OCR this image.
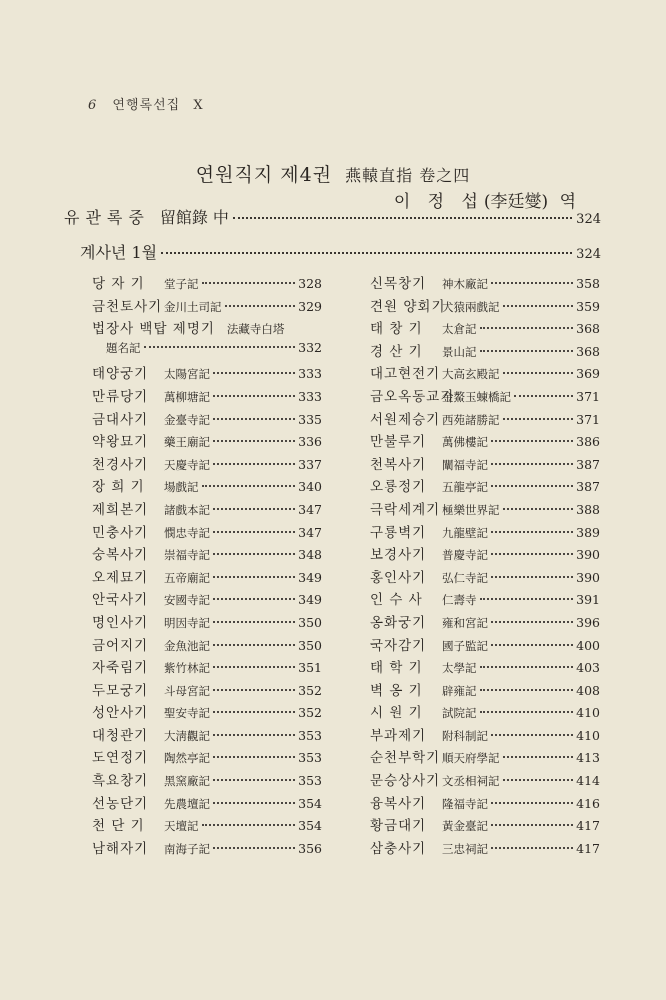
6 연행록선집 X
연원직지 제4권 燕轅直指 卷之四
이 정 섭(李廷燮) 역
유관록중 留館錄 中	324
계사년 1월	324
당 자 기	堂子記	328
금천토사기 金川土司記	329
법장사 백탑 제명기 法藏寺白塔
題名記	332
태양궁기	太陽宮記	333
만류당기	萬柳塘記	333
금대사기	金臺寺記	335
약왕묘기	藥王廟記	336
천경사기	天慶寺記	337
장 희 기	場戲記	340
제희본기	諸戲本記	347
민충사기	憫忠寺記	347
숭복사기	崇福寺記	348
오제묘기	五帝廟記	349
안국사기	安國寺記	349
명인사기	明因寺記	350
금어지기	金魚池記	350
자죽림기	紫竹林記	351
두모궁기	斗母宮記	352
성안사기	聖安寺記	352
대청관기	大淸觀記	353
도연정기	陶然亭記	353
흑요창기	黑窯廠記	353
선농단기	先農壇記	354
천 단 기	天壇記	354
남해자기	南海子記	356
신목창기	神木廠記	358
견원 양회기
犬猿兩戲記	359
태 창 기	太倉記	368
경 산 기	景山記	368
대고현전기 大高玄殿記	369
금오옥동교기
金鰲玉蝀橋記	371
서원제승기 西苑諸勝記	371
만불루기	萬佛樓記	386
천복사기	闡福寺記	387
오룡정기	五龍亭記	387
극락세계기 極樂世界記	388
구룡벽기	九龍壁記	389
보경사기	普慶寺記	390
홍인사기	弘仁寺記	390
인 수 사	仁壽寺	391
옹화궁기	雍和宮記	396
국자감기	國子監記	400
태 학 기	太學記	403
벽 옹 기	辟雍記	408
시 원 기	試院記	410
부과제기	附科制記	410
순천부학기 順天府學記	413
문승상사기 文丞相祠記	414
융복사기	隆福寺記	416
황금대기	黃金臺記	417
삼충사기	三忠祠記	417
